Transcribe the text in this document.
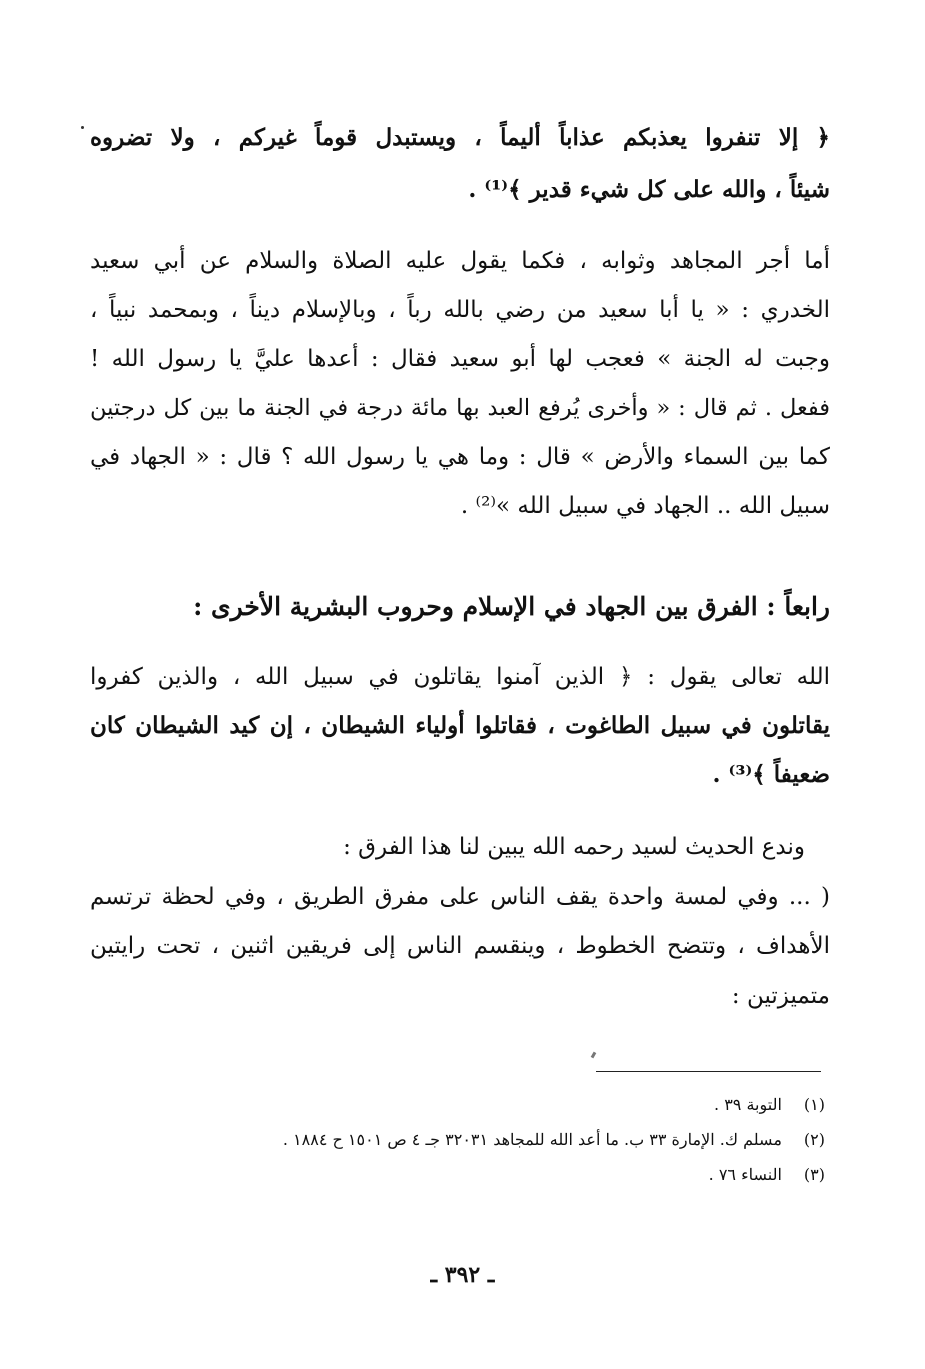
﴿ إلا تنفروا يعذبكم عذاباً أليماً ، ويستبدل قوماً غيركم ، ولا تضروه
شيئاً ، والله على كل شيء قدير ﴾⁽¹⁾ .
أما أجر المجاهد وثوابه ، فكما يقول عليه الصلاة والسلام عن أبي سعيد
الخدري : « يا أبا سعيد من رضي بالله رباً ، وبالإسلام ديناً ، وبمحمد نبياً ،
وجبت له الجنة » فعجب لها أبو سعيد فقال : أعدها عليَّ يا رسول الله !
ففعل . ثم قال : « وأخرى يُرفع العبد بها مائة درجة في الجنة ما بين كل درجتين
كما بين السماء والأرض » قال : وما هي يا رسول الله ؟ قال : « الجهاد في
سبيل الله .. الجهاد في سبيل الله »⁽²⁾ .
رابعاً : الفرق بين الجهاد في الإسلام وحروب البشرية الأخرى :
الله تعالى يقول : ﴿ الذين آمنوا يقاتلون في سبيل الله ، والذين كفروا
يقاتلون في سبيل الطاغوت ، فقاتلوا أولياء الشيطان ، إن كيد الشيطان كان
ضعيفاً ﴾⁽³⁾ .
وندع الحديث لسيد رحمه الله يبين لنا هذا الفرق :
( ... وفي لمسة واحدة يقف الناس على مفرق الطريق ، وفي لحظة ترتسم
الأهداف ، وتتضح الخطوط ، وينقسم الناس إلى فريقين اثنين ، تحت رايتين
متميزتين :
(١) التوبة ٣٩ .
(٢) مسلم ك. الإمارة ٣٣ ب. ما أعد الله للمجاهد ٣٢٠٣١ جـ ٤ ص ١٥٠١ ح ١٨٨٤ .
(٣) النساء ٧٦ .
ـ ٣٩٢ ـ
